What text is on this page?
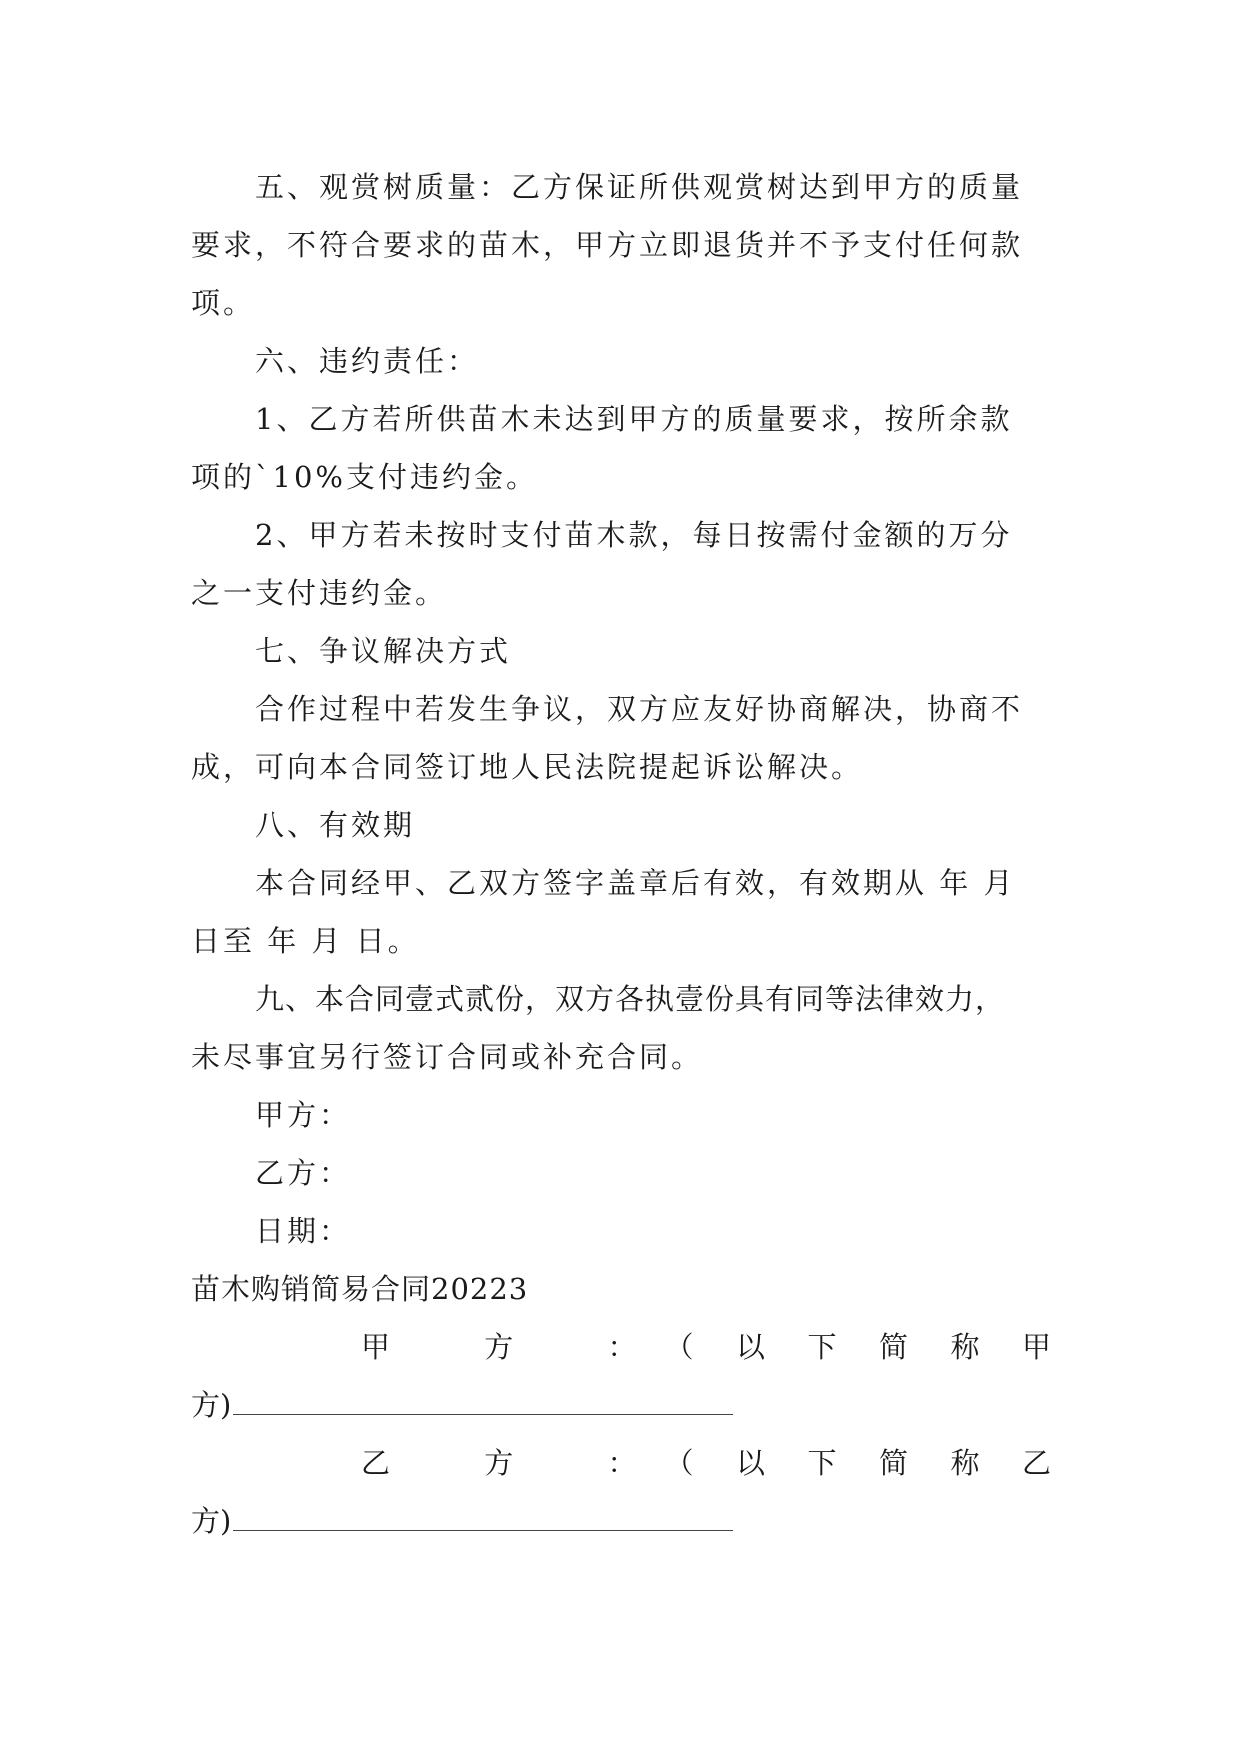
五、观赏树质量：乙方保证所供观赏树达到甲方的质量
要求，不符合要求的苗木，甲方立即退货并不予支付任何款
项。
六、违约责任：
1、乙方若所供苗木未达到甲方的质量要求，按所余款
项的`10%支付违约金。
2、甲方若未按时支付苗木款，每日按需付金额的万分
之一支付违约金。
七、争议解决方式
合作过程中若发生争议，双方应友好协商解决，协商不
成，可向本合同签订地人民法院提起诉讼解决。
八、有效期
本合同经甲、乙双方签字盖章后有效，有效期从 年 月
日至 年 月 日。
九、本合同壹式贰份，双方各执壹份具有同等法律效力，
未尽事宜另行签订合同或补充合同。
甲方：
乙方：
日期：
苗木购销简易合同20223
甲 方 ：（以下简称甲
方)
乙 方 ：（以下简称乙
方)
